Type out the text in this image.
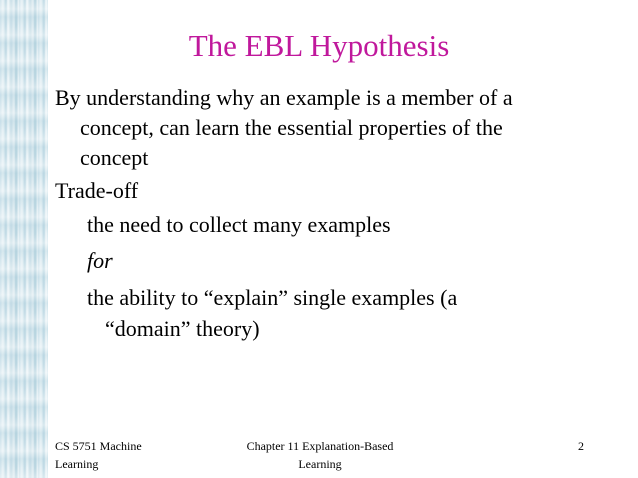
The EBL Hypothesis
By understanding why an example is a member of a
concept, can learn the essential properties of the
concept
Trade-off
the need to collect many examples
for
the ability to “explain” single examples (a
“domain” theory)
CS 5751 Machine
Learning
Chapter 11 Explanation-Based
Learning
2
